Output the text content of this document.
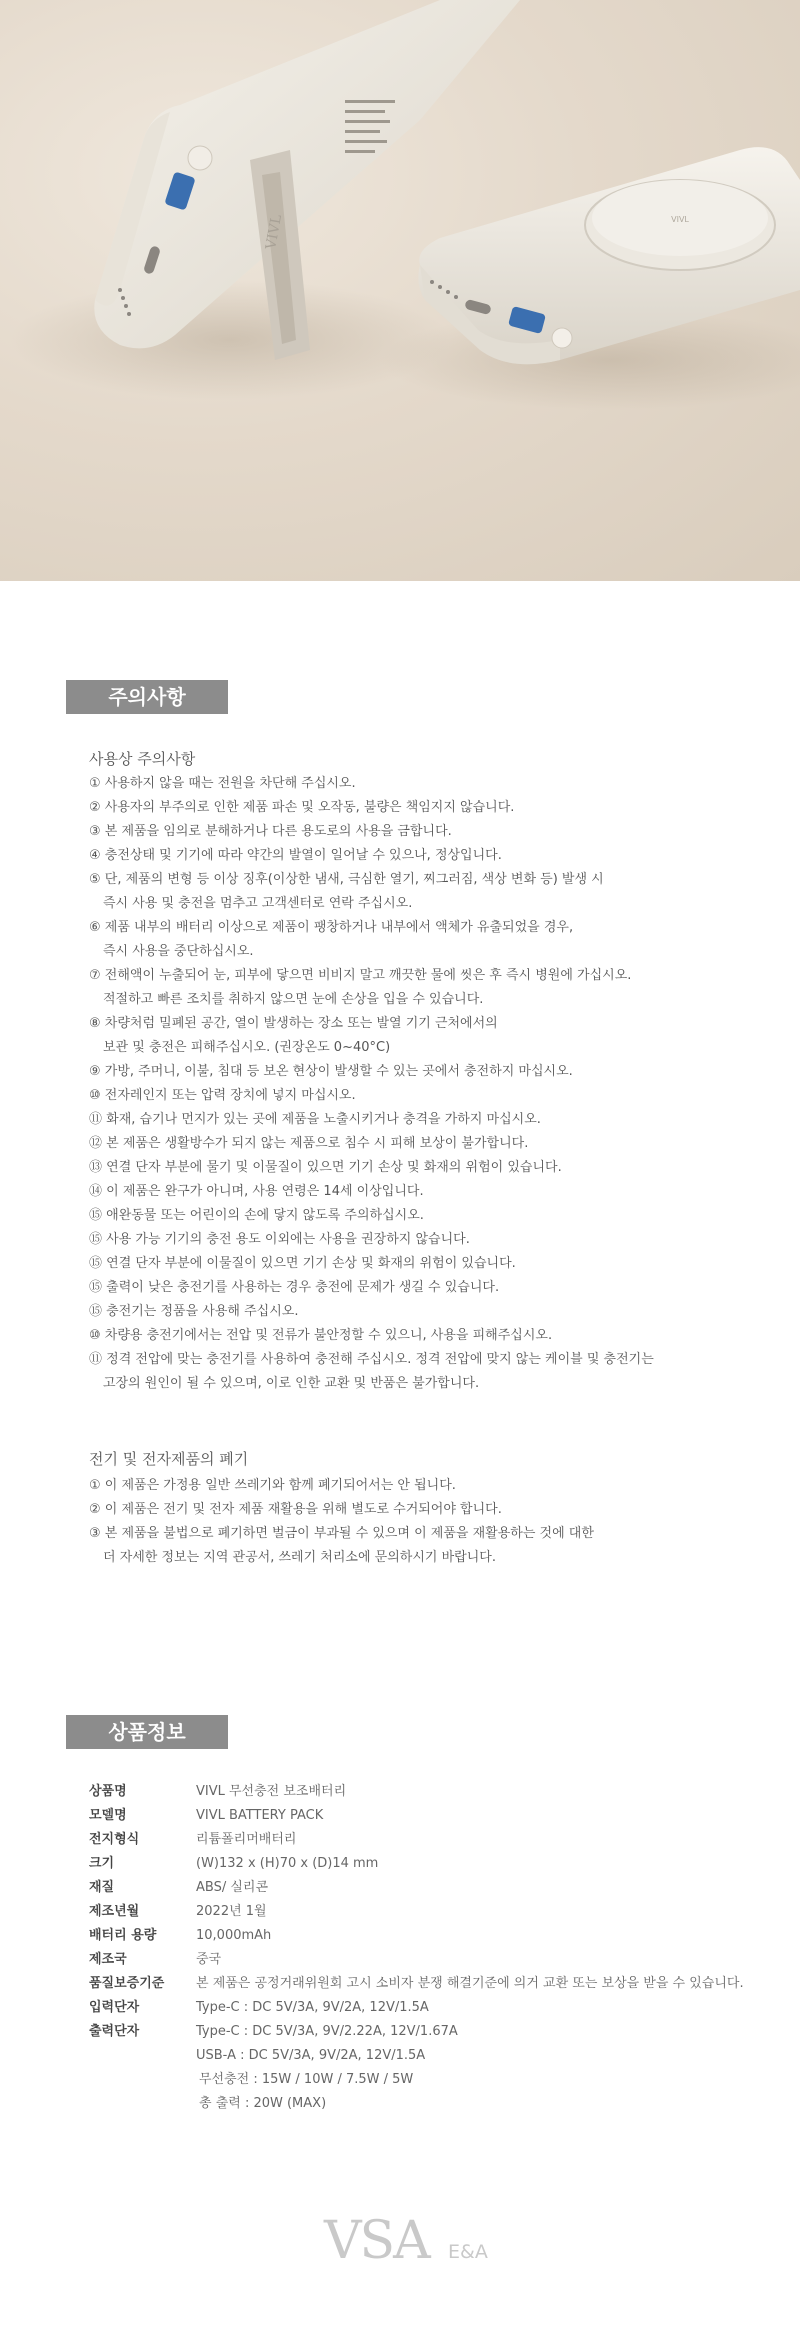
VIVL	VIVL
주의사항
사용상 주의사항
① 사용하지 않을 때는 전원을 차단해 주십시오.
② 사용자의 부주의로 인한 제품 파손 및 오작동, 불량은 책임지지 않습니다.
③ 본 제품을 임의로 분해하거나 다른 용도로의 사용을 금합니다.
④ 충전상태 및 기기에 따라 약간의 발열이 일어날 수 있으나, 정상입니다.
⑤ 단, 제품의 변형 등 이상 징후(이상한 냄새, 극심한 열기, 찌그러짐, 색상 변화 등) 발생 시
즉시 사용 및 충전을 멈추고 고객센터로 연락 주십시오.
⑥ 제품 내부의 배터리 이상으로 제품이 팽창하거나 내부에서 액체가 유출되었을 경우,
즉시 사용을 중단하십시오.
⑦ 전해액이 누출되어 눈, 피부에 닿으면 비비지 말고 깨끗한 물에 씻은 후 즉시 병원에 가십시오.
적절하고 빠른 조치를 취하지 않으면 눈에 손상을 입을 수 있습니다.
⑧ 차량처럼 밀폐된 공간, 열이 발생하는 장소 또는 발열 기기 근처에서의
보관 및 충전은 피해주십시오. (권장온도 0~40°C)
⑨ 가방, 주머니, 이불, 침대 등 보온 현상이 발생할 수 있는 곳에서 충전하지 마십시오.
⑩ 전자레인지 또는 압력 장치에 넣지 마십시오.
⑪ 화재, 습기나 먼지가 있는 곳에 제품을 노출시키거나 충격을 가하지 마십시오.
⑫ 본 제품은 생활방수가 되지 않는 제품으로 침수 시 피해 보상이 불가합니다.
⑬ 연결 단자 부분에 물기 및 이물질이 있으면 기기 손상 및 화재의 위험이 있습니다.
⑭ 이 제품은 완구가 아니며, 사용 연령은 14세 이상입니다.
⑮ 애완동물 또는 어린이의 손에 닿지 않도록 주의하십시오.
⑮ 사용 가능 기기의 충전 용도 이외에는 사용을 권장하지 않습니다.
⑮ 연결 단자 부분에 이물질이 있으면 기기 손상 및 화재의 위험이 있습니다.
⑮ 출력이 낮은 충전기를 사용하는 경우 충전에 문제가 생길 수 있습니다.
⑮ 충전기는 정품을 사용해 주십시오.
⑩ 차량용 충전기에서는 전압 및 전류가 불안정할 수 있으니, 사용을 피해주십시오.
⑪ 정격 전압에 맞는 충전기를 사용하여 충전해 주십시오. 정격 전압에 맞지 않는 케이블 및 충전기는
고장의 원인이 될 수 있으며, 이로 인한 교환 및 반품은 불가합니다.
전기 및 전자제품의 폐기
① 이 제품은 가정용 일반 쓰레기와 함께 폐기되어서는 안 됩니다.
② 이 제품은 전기 및 전자 제품 재활용을 위해 별도로 수거되어야 합니다.
③ 본 제품을 불법으로 폐기하면 벌금이 부과될 수 있으며 이 제품을 재활용하는 것에 대한
더 자세한 정보는 지역 관공서, 쓰레기 처리소에 문의하시기 바랍니다.
상품정보
상품명	VIVL 무선충전 보조배터리
모델명	VIVL BATTERY PACK
전지형식	리튬폴리머배터리
크기	(W)132 x (H)70 x (D)14 mm
재질	ABS/ 실리콘
제조년월	2022년 1월
배터리 용량	10,000mAh
제조국	중국
품질보증기준	본 제품은 공정거래위원회 고시 소비자 분쟁 해결기준에 의거 교환 또는 보상을 받을 수 있습니다.
입력단자	Type-C : DC 5V/3A, 9V/2A, 12V/1.5A
출력단자	Type-C : DC 5V/3A, 9V/2.22A, 12V/1.67A
USB-A : DC 5V/3A, 9V/2A, 12V/1.5A
무선충전 : 15W / 10W / 7.5W / 5W
총 출력 : 20W (MAX)
VSA E&A
